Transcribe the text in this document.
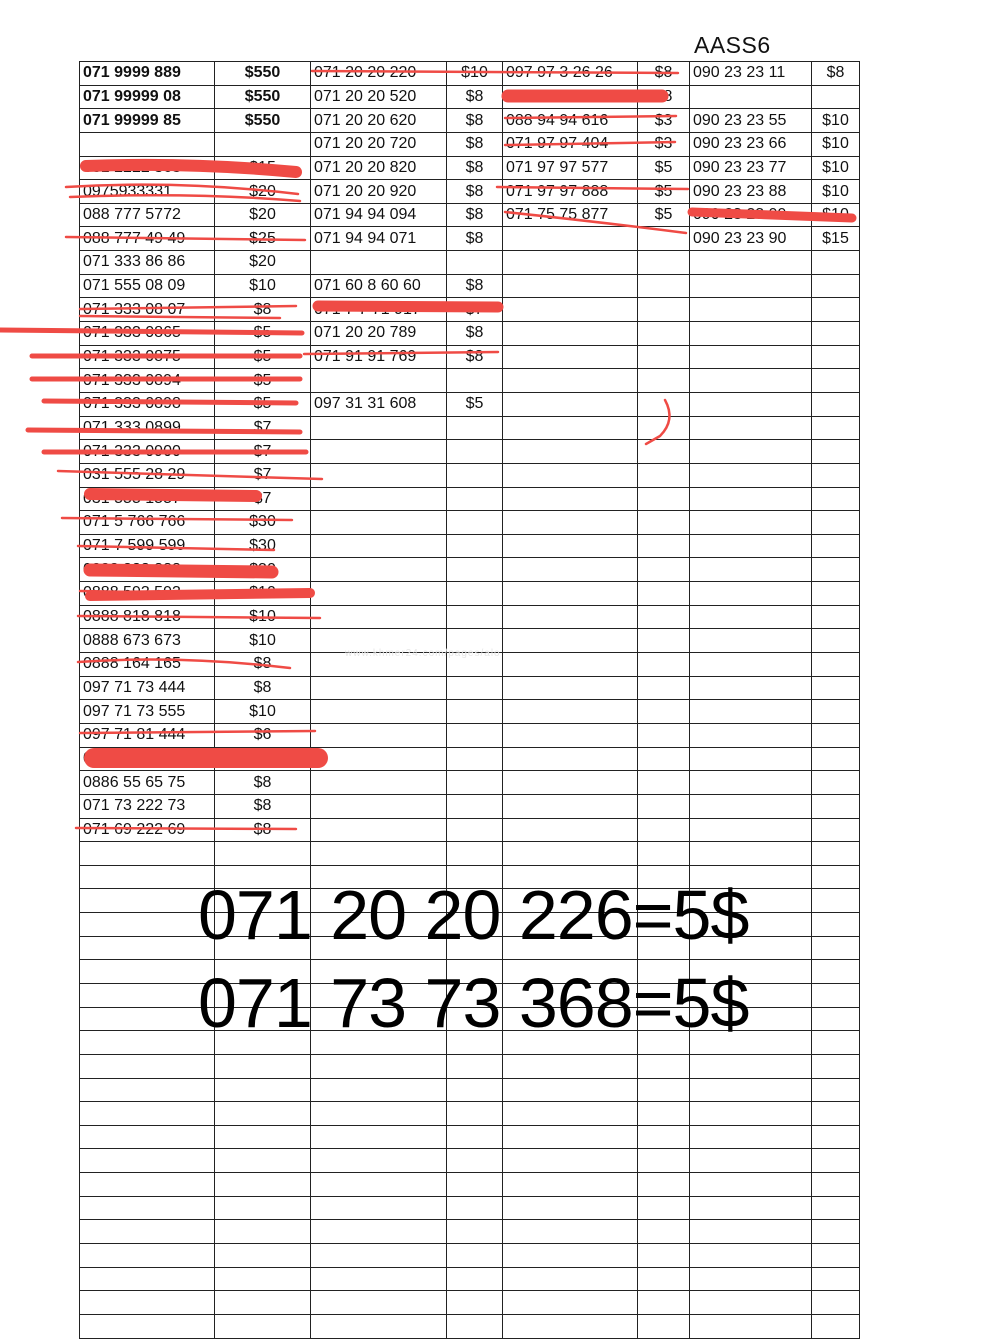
AASS6
071 9999 889	$550	071 20 20 220	$10	097 97 3 26 26	$8	090 23 23 11	$8
071 99999 08	$550	071 20 20 520	$8	097 97 32 32 32	$8		
071 99999 85	$550	071 20 20 620	$8	088 94 94 616	$3	090 23 23 55	$10
		071 20 20 720	$8	071 97 97 404	$3	090 23 23 66	$10
031 2222 363	$15	071 20 20 820	$8	071 97 97 577	$5	090 23 23 77	$10
0975933331	$20	071 20 20 920	$8	071 97 97 888	$5	090 23 23 88	$10
088 777 5772	$20	071 94 94 094	$8	071 75 75 877	$5	090 23 23 99	$10
088 777 49 49	$25	071 94 94 071	$8			090 23 23 90	$15
071 333 86 86	$20						
071 555 08 09	$10	071 60 8 60 60	$8				
071 333 08 07	$8	071 7 7 71 917	$7				
071 333 0865	$5	071 20 20 789	$8				
071 333 0875	$5	071 91 91 769	$8				
071 333 0894	$5						
071 333 0898	$5	097 31 31 608	$5				
071 333 0899	$7						
071 333 0900	$7						
031 555 28 29	$7						
031 555 1557	$7						
071 5 766 766	$30						
071 7 599 599	$30						
0888 888 888	$30						
0888 593 593	$10						
0888 818 818	$10						
0888 673 673	$10						
0888 164 165	$8						
097 71 73 444	$8						
097 71 73 555	$10						
097 71 81 444	$6						
0							
0886 55 65 75	$8						
071 73 222 73	$8						
071 69 222 69	$8						

www.khmer24.com/pages/alo
071 20 20 226=5$
071 73 73 368=5$
